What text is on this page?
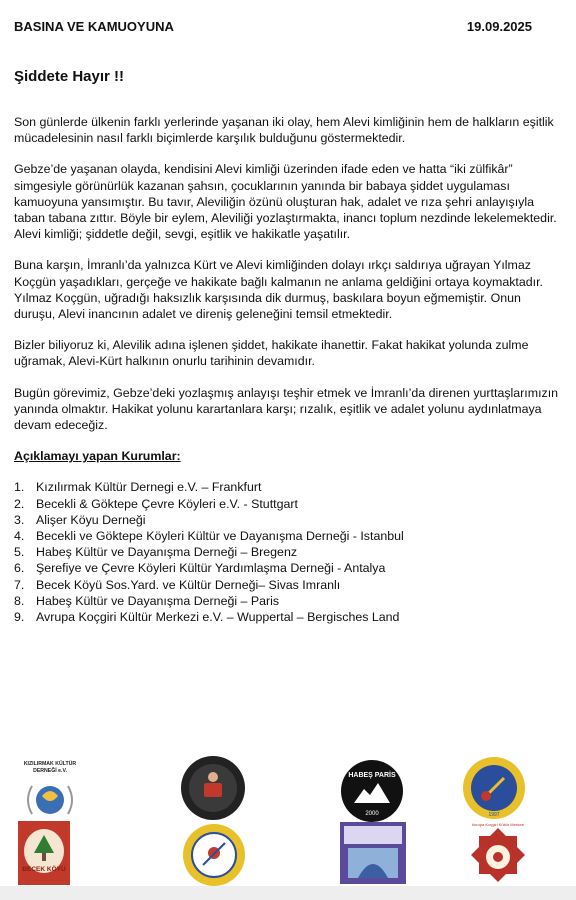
BASINA VE KAMUOYUNA	19.09.2025
Şiddete Hayır !!

Son günlerde ülkenin farklı yerlerinde yaşanan iki olay, hem Alevi kimliğinin hem de halkların eşitlik mücadelesinin nasıl farklı biçimlerde karşılık bulduğunu göstermektedir.

Gebze’de yaşanan olayda, kendisini Alevi kimliği üzerinden ifade eden ve hatta “iki zülfikâr” simgesiyle görünürlük kazanan şahsın, çocuklarının yanında bir babaya şiddet uygulaması kamuoyuna yansımıştır. Bu tavır, Aleviliğin özünü oluşturan hak, adalet ve rıza şehri anlayışıyla taban tabana zıttır. Böyle bir eylem, Aleviliği yozlaştırmakta, inancı toplum nezdinde lekelemektedir. Alevi kimliği; şiddetle değil, sevgi, eşitlik ve hakikatle yaşatılır.

Buna karşın, İmranlı’da yalnızca Kürt ve Alevi kimliğinden dolayı ırkçı saldırıya uğrayan Yılmaz Koçgün yaşadıkları, gerçeğe ve hakikate bağlı kalmanın ne anlama geldiğini ortaya koymaktadır. Yılmaz Koçgün, uğradığı haksızlık karşısında dik durmuş, baskılara boyun eğmemiştir. Onun duruşu, Alevi inancının adalet ve direniş geleneğini temsil etmektedir.

Bizler biliyoruz ki, Alevilik adına işlenen şiddet, hakikate ihanettir. Fakat hakikat yolunda zulme uğramak, Alevi-Kürt halkının onurlu tarihinin devamıdır.

Bugün görevimiz, Gebze’deki yozlaşmış anlayışı teşhir etmek ve İmranlı’da direnen yurttaşlarımızın yanında olmaktır. Hakikat yolunu karartanlara karşı; rızalık, eşitlik ve adalet yolunu aydınlatmaya devam edeceğiz.

Açıklamayı yapan Kurumlar:

1. Kızılırmak Kültür Dernegi e.V. – Frankfurt
2. Becekli & Göktepe Çevre Köyleri e.V. - Stuttgart
3. Alişer Köyu Derneği
4. Becekli ve Göktepe Köyleri Kültür ve Dayanışma Derneği - Istanbul
5. Habeş Kültür ve Dayanışma Derneği – Bregenz
6. Şerefiye ve Çevre Köyleri Kültür Yardımlaşma Derneği - Antalya
7. Becek Köyü Sos.Yard. ve Kültür Derneği– Sivas Imranlı
8. Habeş Kültür ve Dayanışma Derneği – Paris
9. Avrupa Koçgiri Kültür Merkezi e.V. – Wuppertal – Bergisches Land
KIZILIRMAK KÜLTÜR
DERNEĞİ e.V.
BECEK KÖYÜ
HABEŞ PARİS
2000	1997
Avrupa Koçgiri Kültür Merkezi
